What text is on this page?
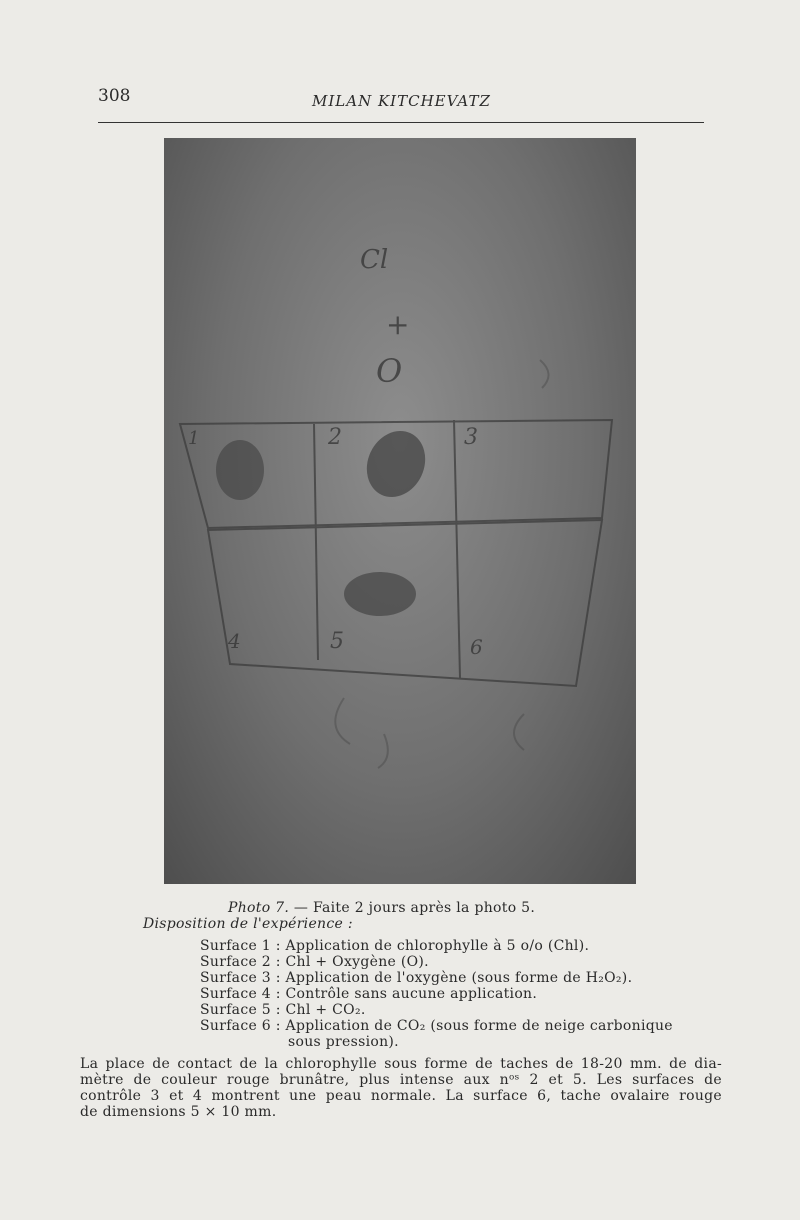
308	MILAN KITCHEVATZ
Cl
+
O
1	2	3
4	5	6
Photo 7. — Faite 2 jours après la photo 5.
Disposition de l'expérience :
Surface 1 : Application de chlorophylle à 5 o/o (Chl).
Surface 2 : Chl + Oxygène (O).
Surface 3 : Application de l'oxygène (sous forme de H₂O₂).
Surface 4 : Contrôle sans aucune application.
Surface 5 : Chl + CO₂.
Surface 6 : Application de CO₂ (sous forme de neige carbonique
sous pression).
La place de contact de la chlorophylle sous forme de taches de 18-20 mm. de dia-
mètre de couleur rouge brunâtre, plus intense aux nᵒˢ 2 et 5. Les surfaces de
contrôle 3 et 4 montrent une peau normale. La surface 6, tache ovalaire rouge
de dimensions 5 × 10 mm.
